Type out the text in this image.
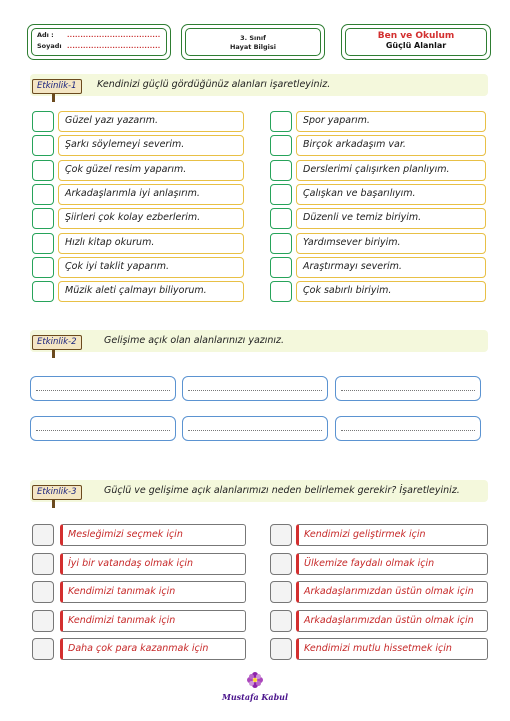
Adı : ...................................
Soyadı ...................................
3. Sınıf
Hayat Bilgisi
Ben ve Okulum
Güçlü Alanlar
Etkinlik-1	Kendinizi güçlü gördüğünüz alanları işaretleyiniz.
Güzel yazı yazarım.	Spor yaparım.
Şarkı söylemeyi severim.	Birçok arkadaşım var.
Çok güzel resim yaparım.	Derslerimi çalışırken planlıyım.
Arkadaşlarımla iyi anlaşırım.	Çalışkan ve başarılıyım.
Şiirleri çok kolay ezberlerim.	Düzenli ve temiz biriyim.
Hızlı kitap okurum.	Yardımsever biriyim.
Çok iyi taklit yaparım.	Araştırmayı severim.
Müzik aleti çalmayı biliyorum.	Çok sabırlı biriyim.
Etkinlik-2	Gelişime açık olan alanlarınızı yazınız.
Etkinlik-3	Güçlü ve gelişime açık alanlarımızı neden belirlemek gerekir? İşaretleyiniz.
Mesleğimizi seçmek için	Kendimizi geliştirmek için
İyi bir vatandaş olmak için	Ülkemize faydalı olmak için
Kendimizi tanımak için	Arkadaşlarımızdan üstün olmak için
Kendimizi tanımak için	Arkadaşlarımızdan üstün olmak için
Daha çok para kazanmak için	Kendimizi mutlu hissetmek için
Mustafa Kabul
